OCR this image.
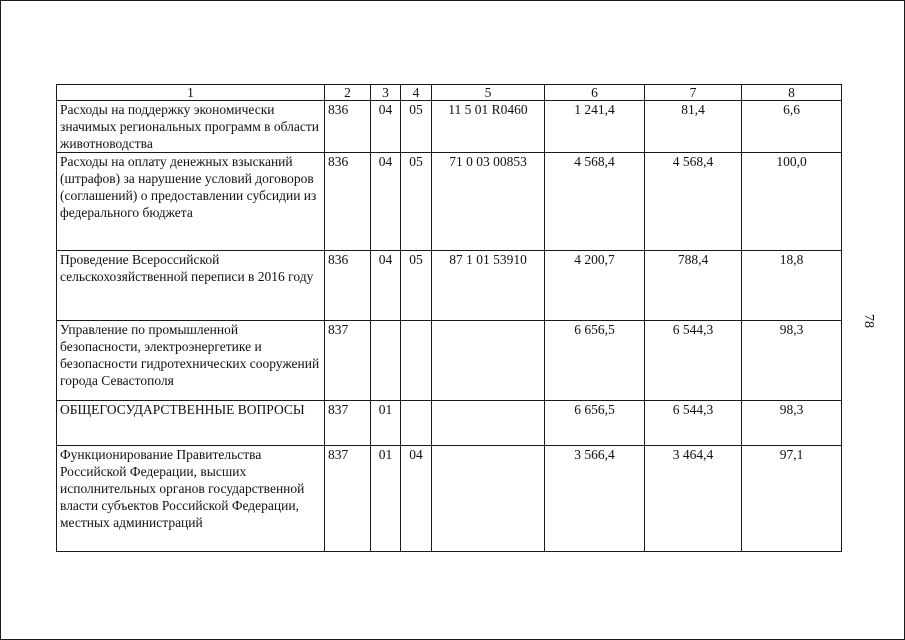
1	2	3	4	5	6	7	8
Расходы на поддержку экономически значимых региональных программ в области животноводства	836	04	05	11 5 01 R0460	1 241,4	81,4	6,6
Расходы на оплату денежных взысканий (штрафов) за нарушение условий договоров (соглашений) о предоставлении субсидии из федерального бюджета	836	04	05	71 0 03 00853	4 568,4	4 568,4	100,0
Проведение Всероссийской сельскохозяйственной переписи в 2016 году	836	04	05	87 1 01 53910	4 200,7	788,4	18,8
Управление по промышленной безопасности, электроэнергетике и безопасности гидротехнических сооружений города Севастополя	837				6 656,5	6 544,3	98,3
ОБЩЕГОСУДАРСТВЕННЫЕ ВОПРОСЫ	837	01			6 656,5	6 544,3	98,3
Функционирование Правительства Российской Федерации, высших исполнительных органов государственной власти субъектов Российской Федерации, местных администраций	837	01	04		3 566,4	3 464,4	97,1
78
